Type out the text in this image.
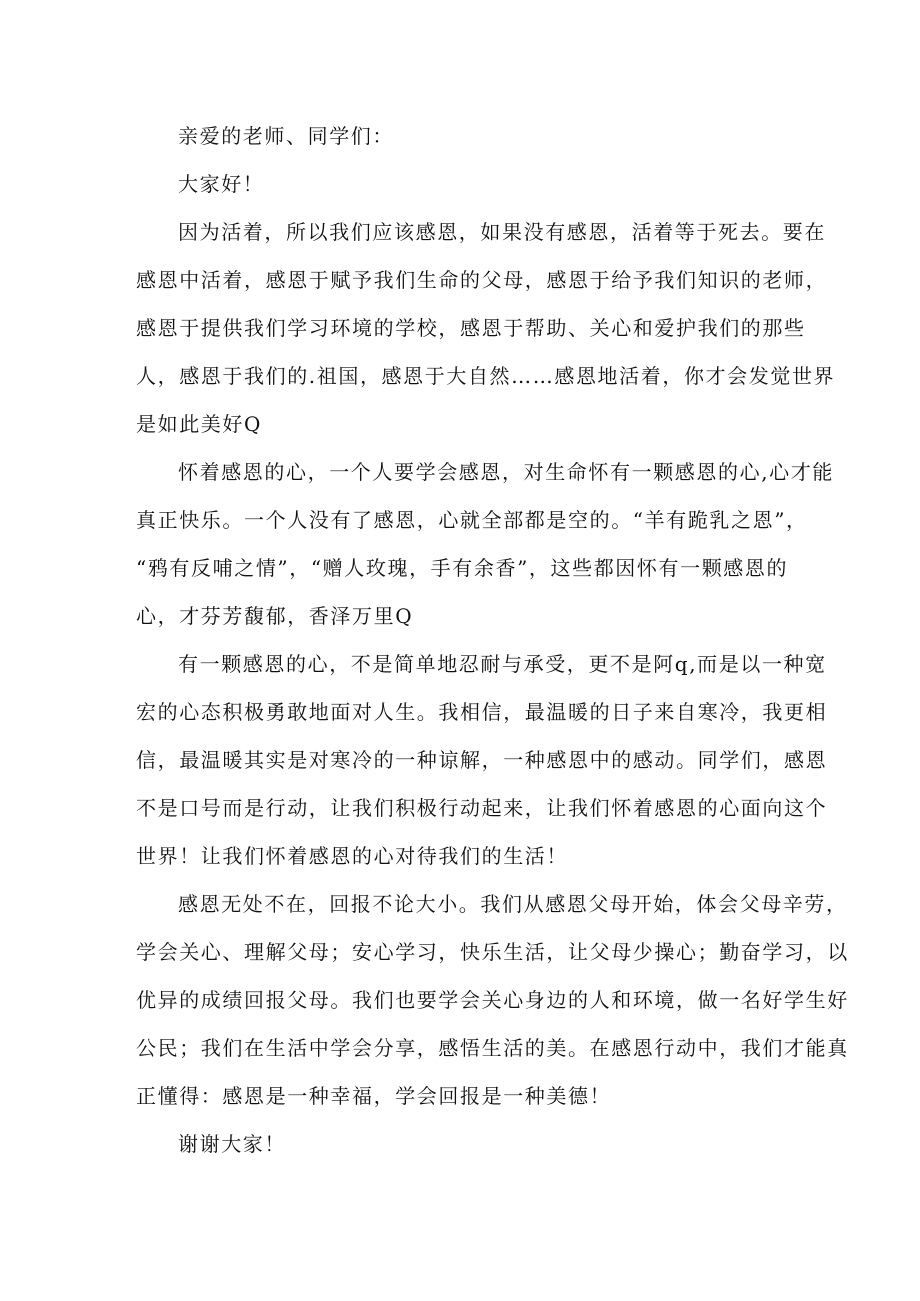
亲爱的老师、同学们：
大家好！
因为活着，所以我们应该感恩，如果没有感恩，活着等于死去。要在
感恩中活着，感恩于赋予我们生命的父母，感恩于给予我们知识的老师，
感恩于提供我们学习环境的学校，感恩于帮助、关心和爱护我们的那些
人，感恩于我们的.祖国，感恩于大自然……感恩地活着，你才会发觉世界
是如此美好Q
怀着感恩的心，一个人要学会感恩，对生命怀有一颗感恩的心,心才能
真正快乐。一个人没有了感恩，心就全部都是空的。“羊有跪乳之恩”，
“鸦有反哺之情”，“赠人玫瑰，手有余香”，这些都因怀有一颗感恩的
心，才芬芳馥郁，香泽万里Q
有一颗感恩的心，不是简单地忍耐与承受，更不是阿q,而是以一种宽
宏的心态积极勇敢地面对人生。我相信，最温暖的日子来自寒冷，我更相
信，最温暖其实是对寒冷的一种谅解，一种感恩中的感动。同学们，感恩
不是口号而是行动，让我们积极行动起来，让我们怀着感恩的心面向这个
世界！让我们怀着感恩的心对待我们的生活！
感恩无处不在，回报不论大小。我们从感恩父母开始，体会父母辛劳，
学会关心、理解父母；安心学习，快乐生活，让父母少操心；勤奋学习，以
优异的成绩回报父母。我们也要学会关心身边的人和环境，做一名好学生好
公民；我们在生活中学会分享，感悟生活的美。在感恩行动中，我们才能真
正懂得：感恩是一种幸福，学会回报是一种美德！
谢谢大家！
